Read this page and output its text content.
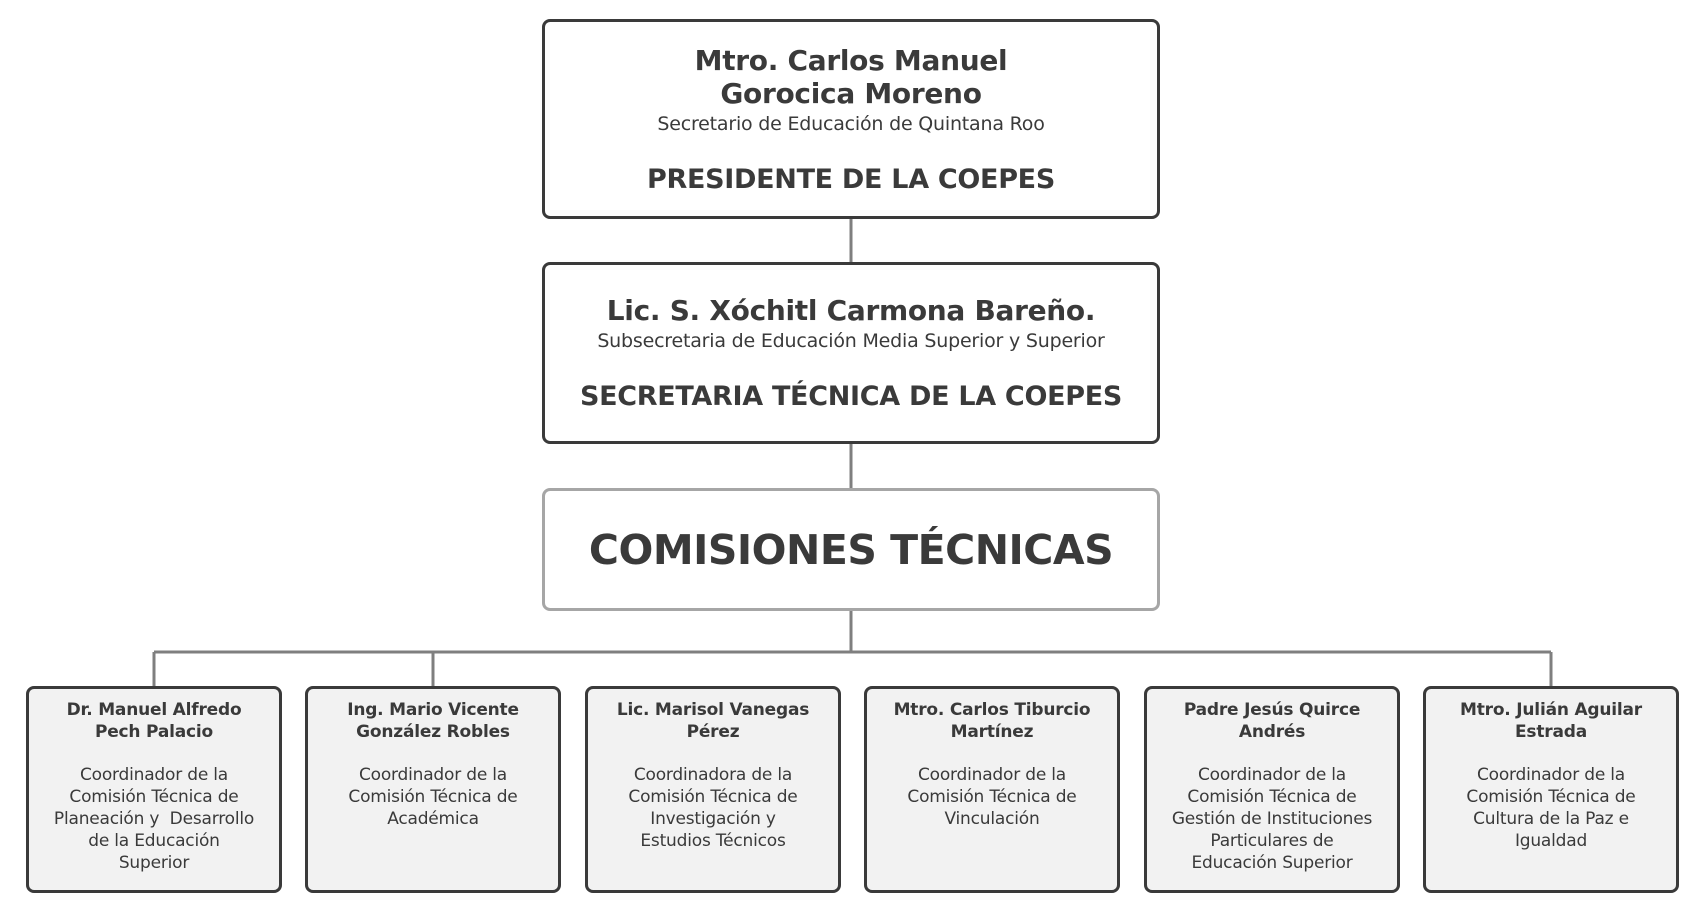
Mtro. Carlos Manuel
Gorocica Moreno
Secretario de Educación de Quintana Roo
PRESIDENTE DE LA COEPES
Lic. S. Xóchitl Carmona Bareño.
Subsecretaria de Educación Media Superior y Superior
SECRETARIA TÉCNICA DE LA COEPES
COMISIONES TÉCNICAS
Dr. Manuel Alfredo
Pech Palacio
Coordinador de la
Comisión Técnica de
Planeación y  Desarrollo
de la Educación
Superior
Ing. Mario Vicente
González Robles
Coordinador de la
Comisión Técnica de
Académica
Lic. Marisol Vanegas
Pérez
Coordinadora de la
Comisión Técnica de
Investigación y
Estudios Técnicos
Mtro. Carlos Tiburcio
Martínez
Coordinador de la
Comisión Técnica de
Vinculación
Padre Jesús Quirce
Andrés
Coordinador de la
Comisión Técnica de
Gestión de Instituciones
Particulares de
Educación Superior
Mtro. Julián Aguilar
Estrada
Coordinador de la
Comisión Técnica de
Cultura de la Paz e
Igualdad
